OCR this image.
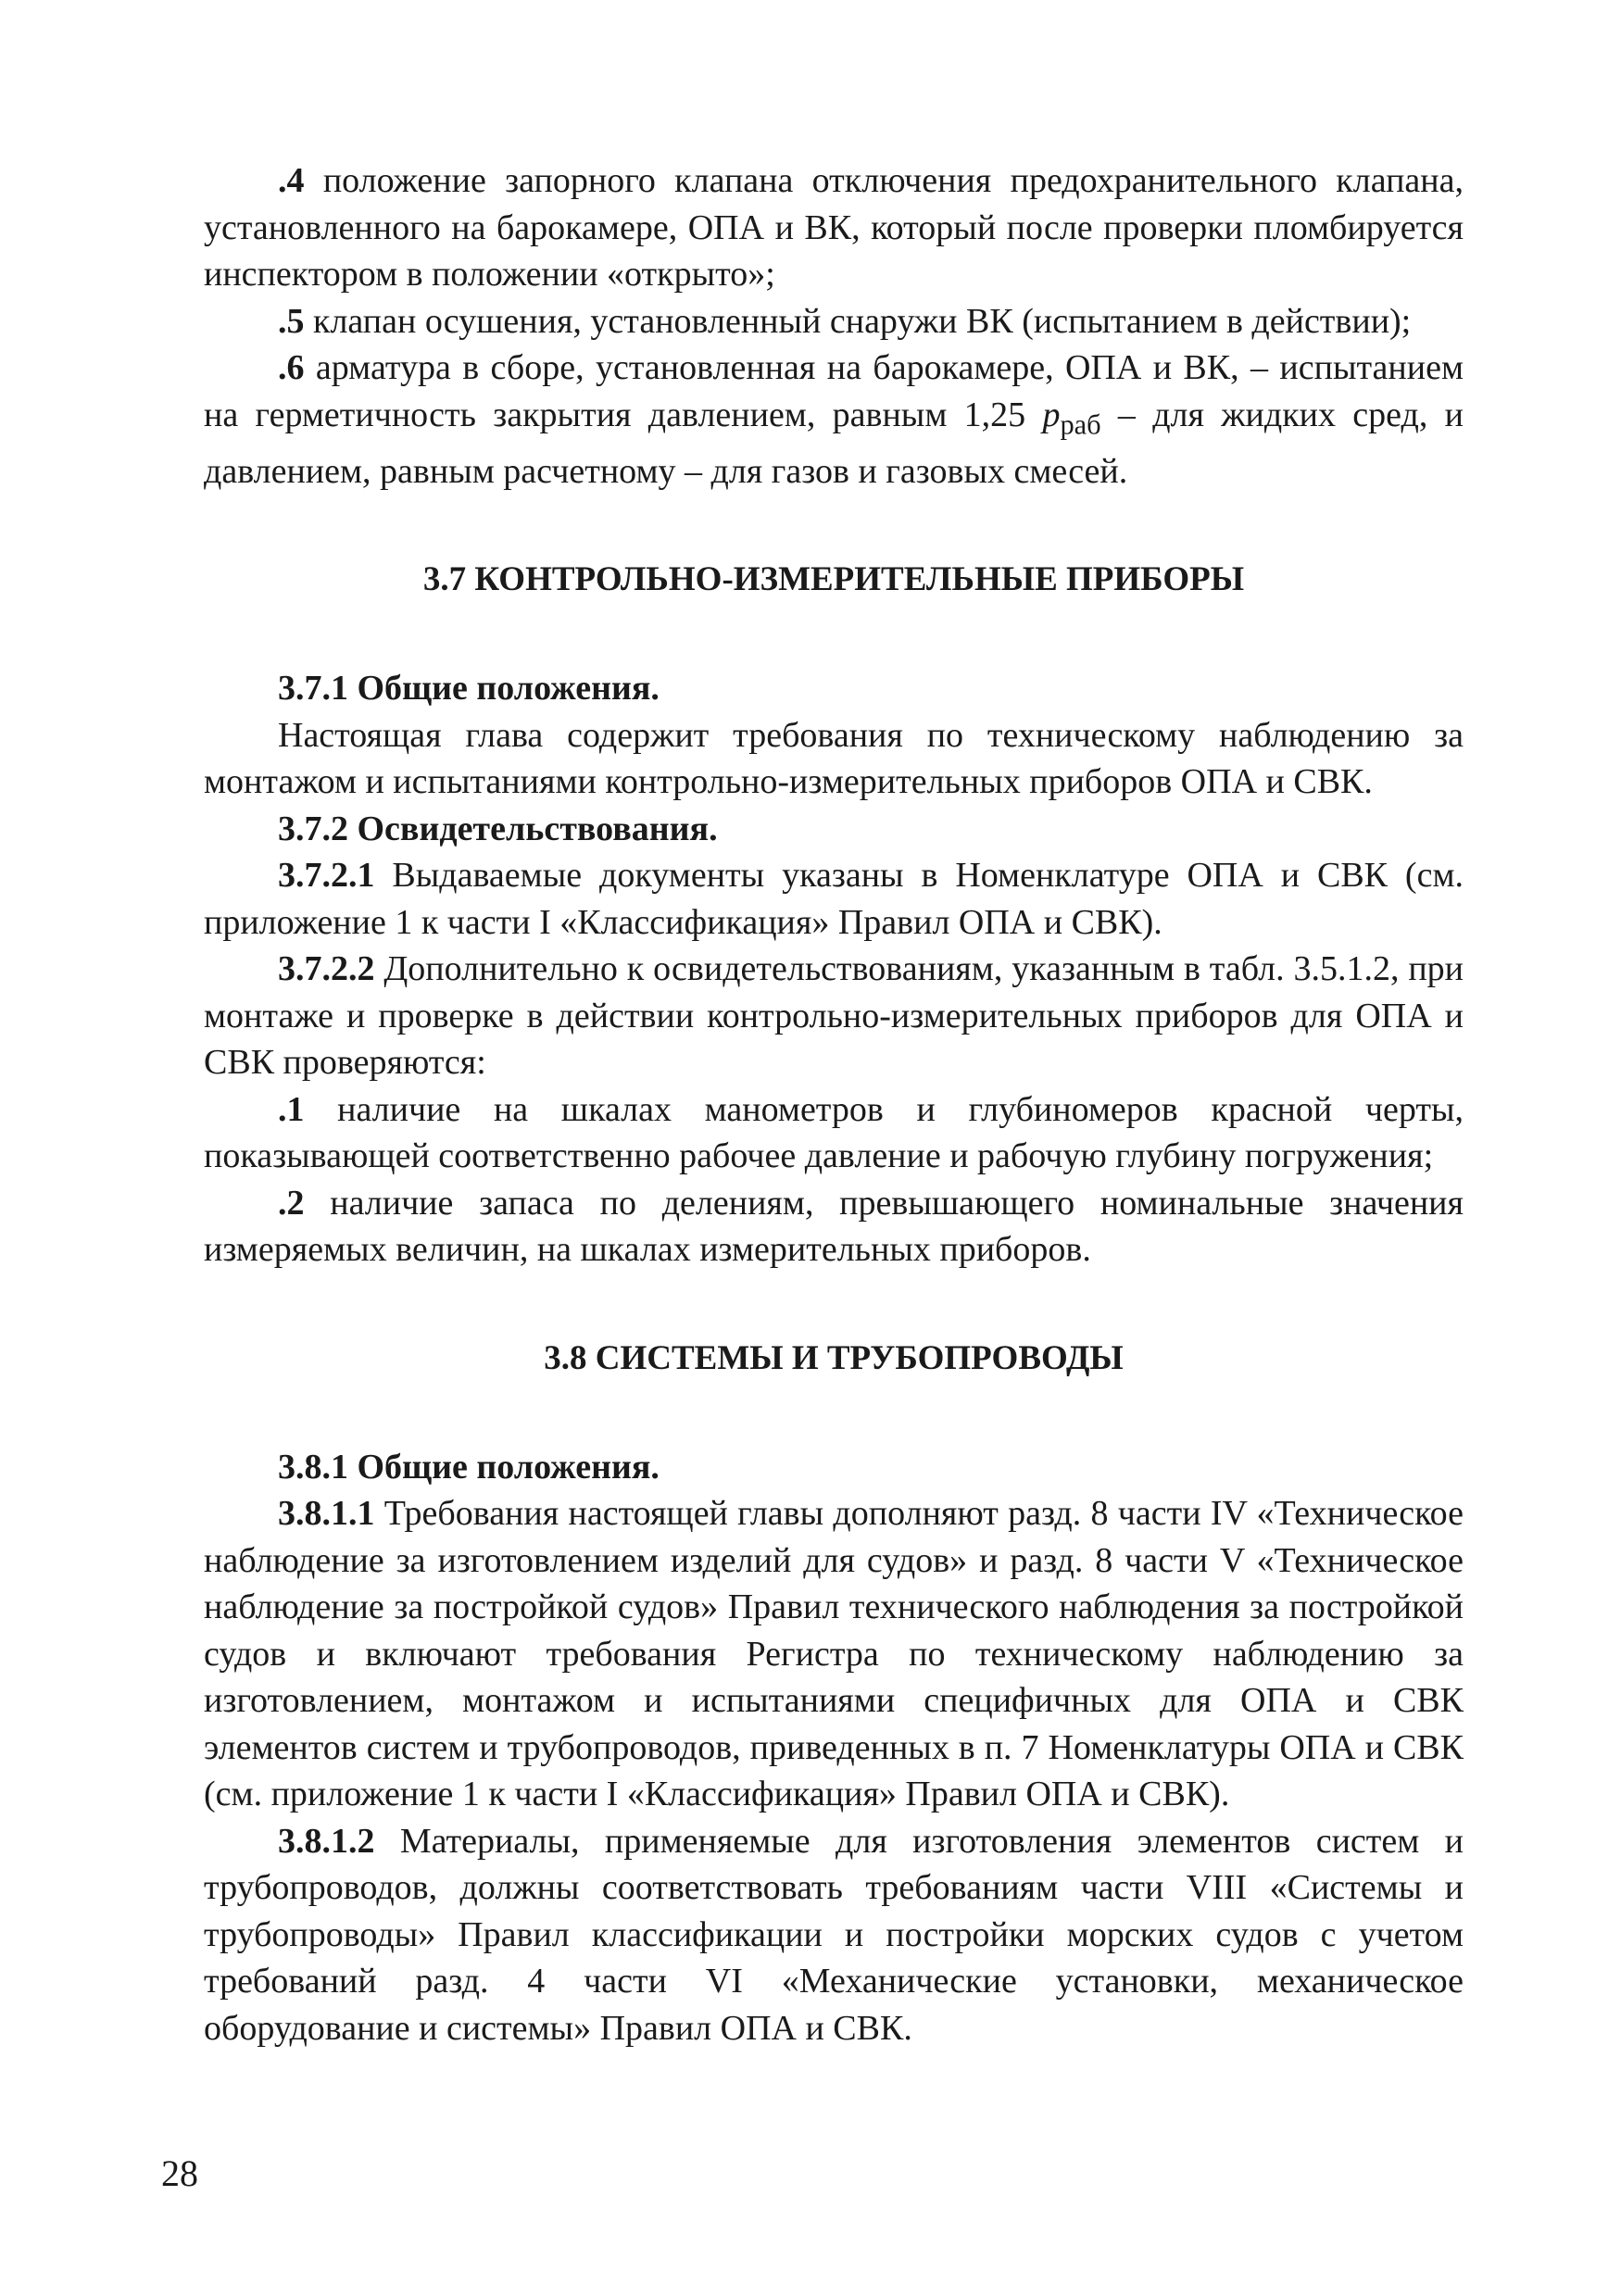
.4 положение запорного клапана отключения предохранительного клапана, установленного на барокамере, ОПА и ВК, который после проверки пломбируется инспектором в положении «открыто»;

.5 клапан осушения, установленный снаружи ВК (испытанием в действии);

.6 арматура в сборе, установленная на барокамере, ОПА и ВК, – испытанием на герметичность закрытия давлением, равным 1,25 $p_{раб}$ – для жидких сред, и давлением, равным расчетному – для газов и газовых смесей.

3.7 КОНТРОЛЬНО-ИЗМЕРИТЕЛЬНЫЕ ПРИБОРЫ

3.7.1 Общие положения.

Настоящая глава содержит требования по техническому наблюдению за монтажом и испытаниями контрольно-измерительных приборов ОПА и СВК.

3.7.2 Освидетельствования.

3.7.2.1 Выдаваемые документы указаны в Номенклатуре ОПА и СВК (см. приложение 1 к части I «Классификация» Правил ОПА и СВК).

3.7.2.2 Дополнительно к освидетельствованиям, указанным в табл. 3.5.1.2, при монтаже и проверке в действии контрольно-измерительных приборов для ОПА и СВК проверяются:

.1 наличие на шкалах манометров и глубиномеров красной черты, показывающей соответственно рабочее давление и рабочую глубину погружения;

.2 наличие запаса по делениям, превышающего номинальные значения измеряемых величин, на шкалах измерительных приборов.

3.8 СИСТЕМЫ И ТРУБОПРОВОДЫ

3.8.1 Общие положения.

3.8.1.1 Требования настоящей главы дополняют разд. 8 части IV «Техническое наблюдение за изготовлением изделий для судов» и разд. 8 части V «Техническое наблюдение за постройкой судов» Правил технического наблюдения за постройкой судов и включают требования Регистра по техническому наблюдению за изготовлением, монтажом и испытаниями специфичных для ОПА и СВК элементов систем и трубопроводов, приведенных в п. 7 Номенклатуры ОПА и СВК (см. приложение 1 к части I «Классификация» Правил ОПА и СВК).

3.8.1.2 Материалы, применяемые для изготовления элементов систем и трубопроводов, должны соответствовать требованиям части VIII «Системы и трубопроводы» Правил классификации и постройки морских судов с учетом требований разд. 4 части VI «Механические установки, механическое оборудование и системы» Правил ОПА и СВК.

28
